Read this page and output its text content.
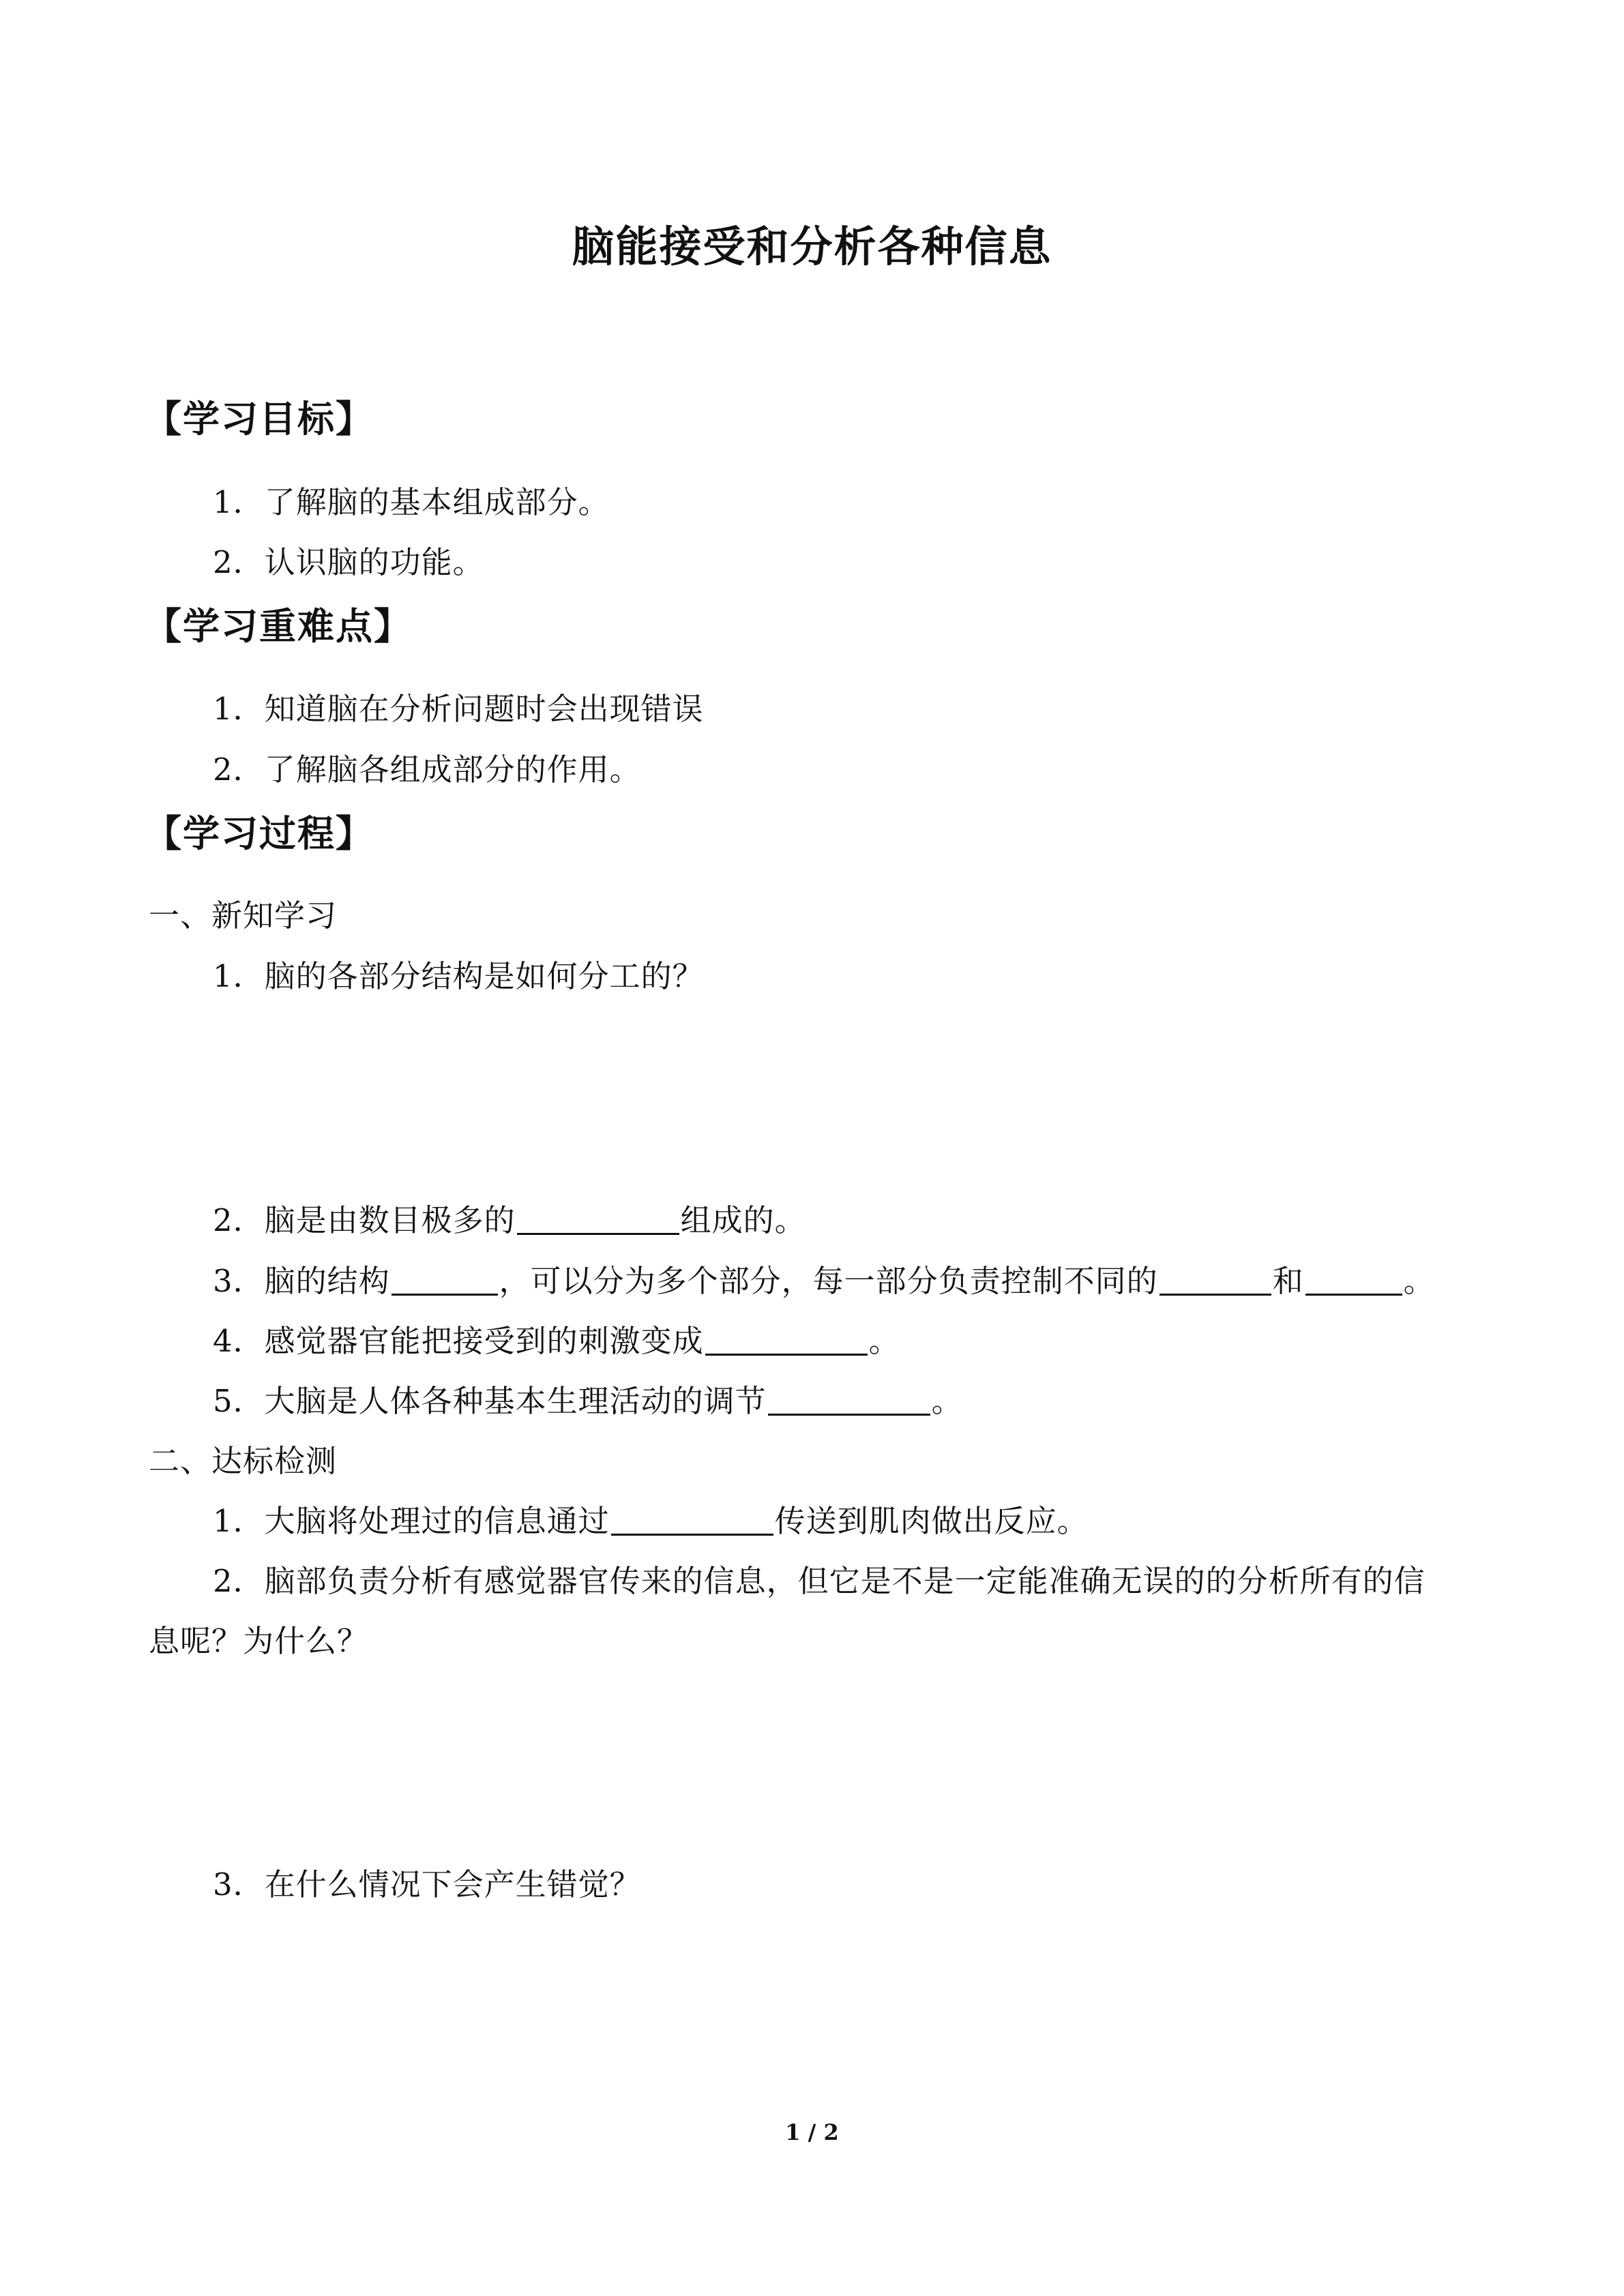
脑能接受和分析各种信息
【学习目标】
1．了解脑的基本组成部分。
2．认识脑的功能。
【学习重难点】
1．知道脑在分析问题时会出现错误
2．了解脑各组成部分的作用。
【学习过程】
一、新知学习
1．脑的各部分结构是如何分工的？
2．脑是由数目极多的	组成的。
3．脑的结构	，可以分为多个部分，每一部分负责控制不同的	和	。
4．感觉器官能把接受到的刺激变成	。
5．大脑是人体各种基本生理活动的调节	。
二、达标检测
1．大脑将处理过的信息通过	传送到肌肉做出反应。
2．脑部负责分析有感觉器官传来的信息，但它是不是一定能准确无误的的分析所有的信
息呢？为什么？
3．在什么情况下会产生错觉？
1 / 2
